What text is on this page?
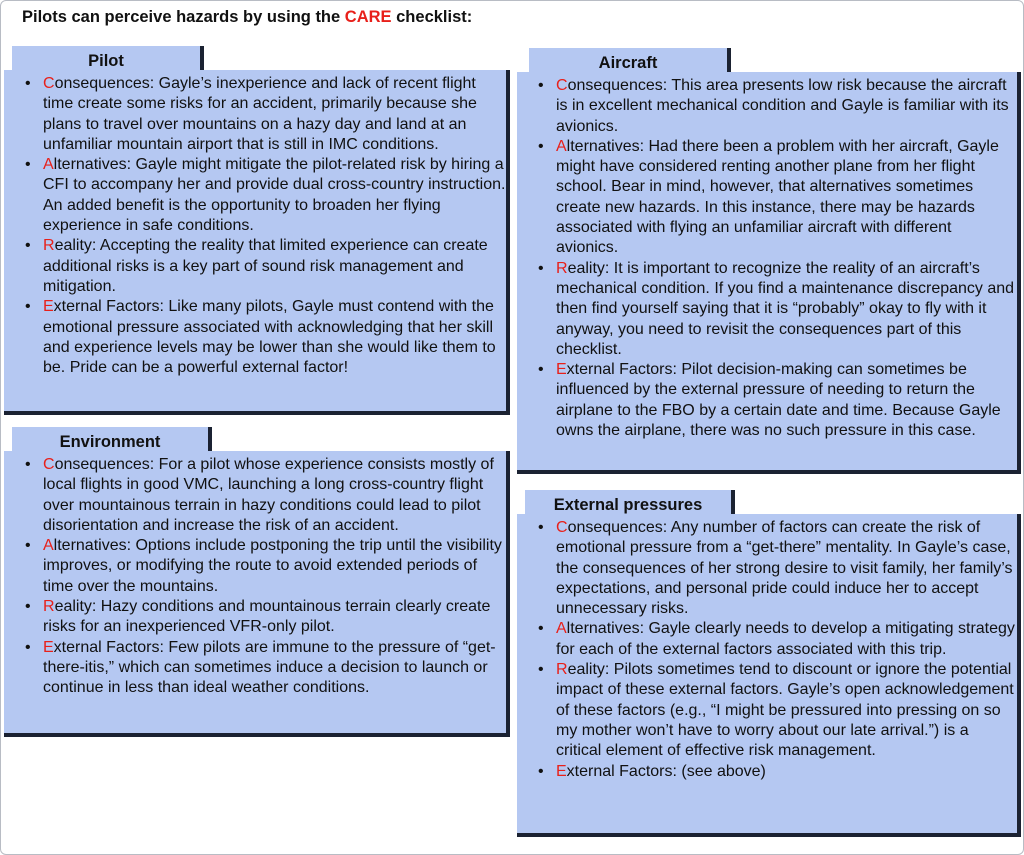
Pilots can perceive hazards by using the CARE checklist:
Pilot
• Consequences: Gayle’s inexperience and lack of recent flight time create some risks for an accident, primarily because she plans to travel over mountains on a hazy day and land at an unfamiliar mountain airport that is still in IMC conditions.
• Alternatives: Gayle might mitigate the pilot-related risk by hiring a CFI to accompany her and provide dual cross-country instruction. An added benefit is the opportunity to broaden her flying experience in safe conditions.
• Reality: Accepting the reality that limited experience can create additional risks is a key part of sound risk management and mitigation.
• External Factors: Like many pilots, Gayle must contend with the emotional pressure associated with acknowledging that her skill and experience levels may be lower than she would like them to be. Pride can be a powerful external factor!
Environment
• Consequences: For a pilot whose experience consists mostly of local flights in good VMC, launching a long cross-country flight over mountainous terrain in hazy conditions could lead to pilot disorientation and increase the risk of an accident.
• Alternatives: Options include postponing the trip until the visibility improves, or modifying the route to avoid extended periods of time over the mountains.
• Reality: Hazy conditions and mountainous terrain clearly create risks for an inexperienced VFR-only pilot.
• External Factors: Few pilots are immune to the pressure of “get-there-itis,” which can sometimes induce a decision to launch or continue in less than ideal weather conditions.
Aircraft
• Consequences: This area presents low risk because the aircraft is in excellent mechanical condition and Gayle is familiar with its avionics.
• Alternatives: Had there been a problem with her aircraft, Gayle might have considered renting another plane from her flight school. Bear in mind, however, that alternatives sometimes create new hazards. In this instance, there may be hazards associated with flying an unfamiliar aircraft with different avionics.
• Reality: It is important to recognize the reality of an aircraft’s mechanical condition. If you find a maintenance discrepancy and then find yourself saying that it is “probably” okay to fly with it anyway, you need to revisit the consequences part of this checklist.
• External Factors: Pilot decision-making can sometimes be influenced by the external pressure of needing to return the airplane to the FBO by a certain date and time. Because Gayle owns the airplane, there was no such pressure in this case.
External pressures
• Consequences: Any number of factors can create the risk of emotional pressure from a “get-there” mentality. In Gayle’s case, the consequences of her strong desire to visit family, her family’s expectations, and personal pride could induce her to accept unnecessary risks.
• Alternatives: Gayle clearly needs to develop a mitigating strategy for each of the external factors associated with this trip.
• Reality: Pilots sometimes tend to discount or ignore the potential impact of these external factors. Gayle’s open acknowledgement of these factors (e.g., “I might be pressured into pressing on so my mother won’t have to worry about our late arrival.”) is a critical element of effective risk management.
• External Factors: (see above)
